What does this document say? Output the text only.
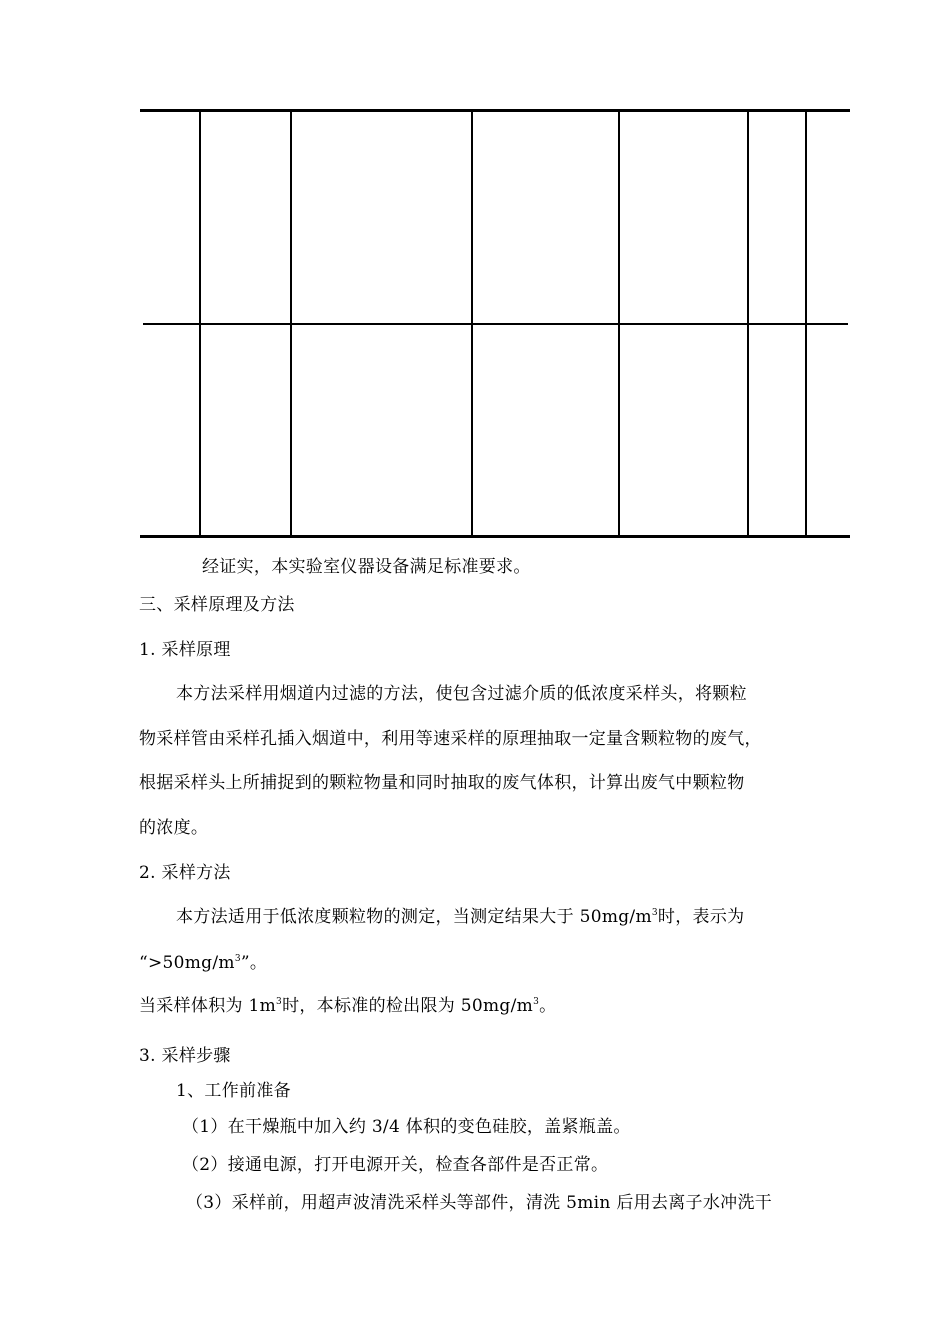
经证实，本实验室仪器设备满足标准要求。
三、采样原理及方法
1. 采样原理
本方法采样用烟道内过滤的方法，使包含过滤介质的低浓度采样头，将颗粒
物采样管由采样孔插入烟道中，利用等速采样的原理抽取一定量含颗粒物的废气，
根据采样头上所捕捉到的颗粒物量和同时抽取的废气体积，计算出废气中颗粒物
的浓度。
2. 采样方法
本方法适用于低浓度颗粒物的测定，当测定结果大于 $50mg/m^3$时，表示为
“$>50mg/m^3$”。
当采样体积为 $1m^3$时，本标准的检出限为 $50mg/m^3$。
3. 采样步骤
1、工作前准备
（1）在干燥瓶中加入约 3/4 体积的变色硅胶，盖紧瓶盖。
（2）接通电源，打开电源开关，检查各部件是否正常。
（3）采样前，用超声波清洗采样头等部件，清洗 5min 后用去离子水冲洗干
